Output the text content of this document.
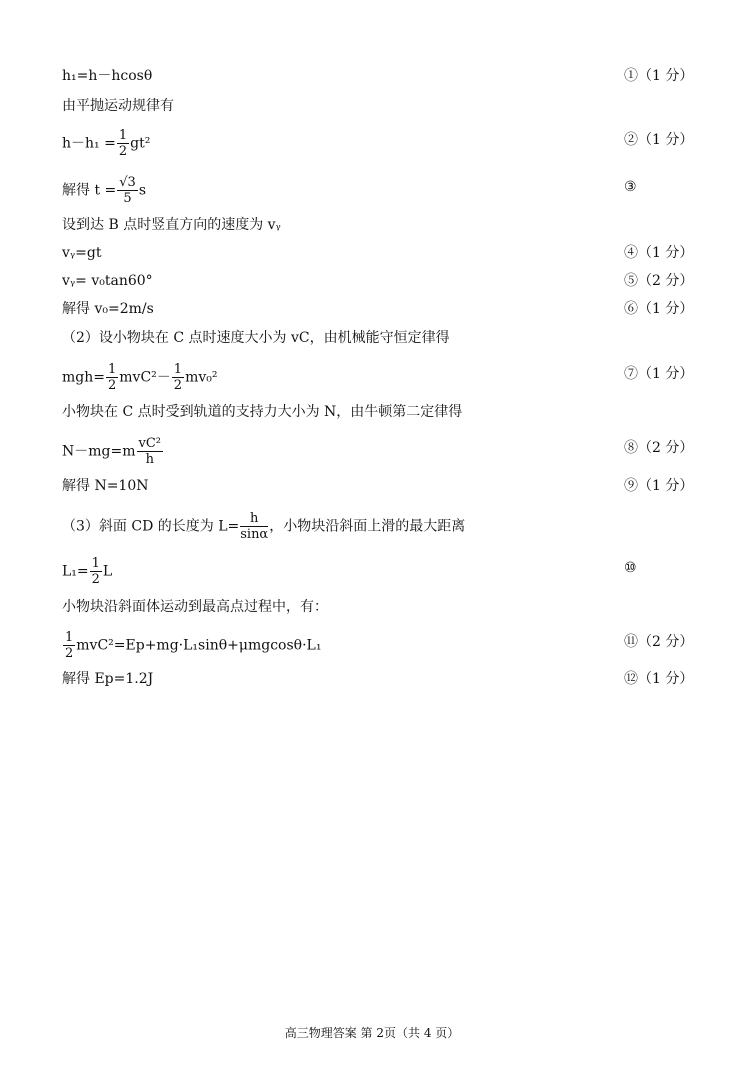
h₁=h－hcosθ	①（1 分）
由平抛运动规律有
$h-h_1 = \frac{1}{2} gt^2$	②（1 分）
解得 $t = \frac{√3}{5}$ s	③
设到达 B 点时竖直方向的速度为 vᵧ
vᵧ=gt	④（1 分）
vᵧ= v₀tan60°	⑤（2 分）
解得 v₀=2m/s	⑥（1 分）
（2）设小物块在 C 点时速度大小为 vC，由机械能守恒定律得
$mgh= \frac{1}{2} mvC^2- \frac{1}{2} mv_0^2$	⑦（1 分）
小物块在 C 点时受到轨道的支持力大小为 N，由牛顿第二定律得
$N-mg=m \frac{\text{vC²}}{h}$	⑧（2 分）
解得 N=10N	⑨（1 分）
（3）斜面 CD 的长度为 $L= \frac{h}{\sin\alpha}$ ，小物块沿斜面上滑的最大距离
$L_1= \frac{1}{2}$ L	⑩
小物块沿斜面体运动到最高点过程中，有：
$\frac{1}{2} mvC^2=Ep+mg\cdot L_1\sin\theta+\mu mgcos\theta\cdot L_1$	⑪（2 分）
解得 Ep=1.2J	⑫（1 分）
高三物理答案 第 2页（共 4 页）
